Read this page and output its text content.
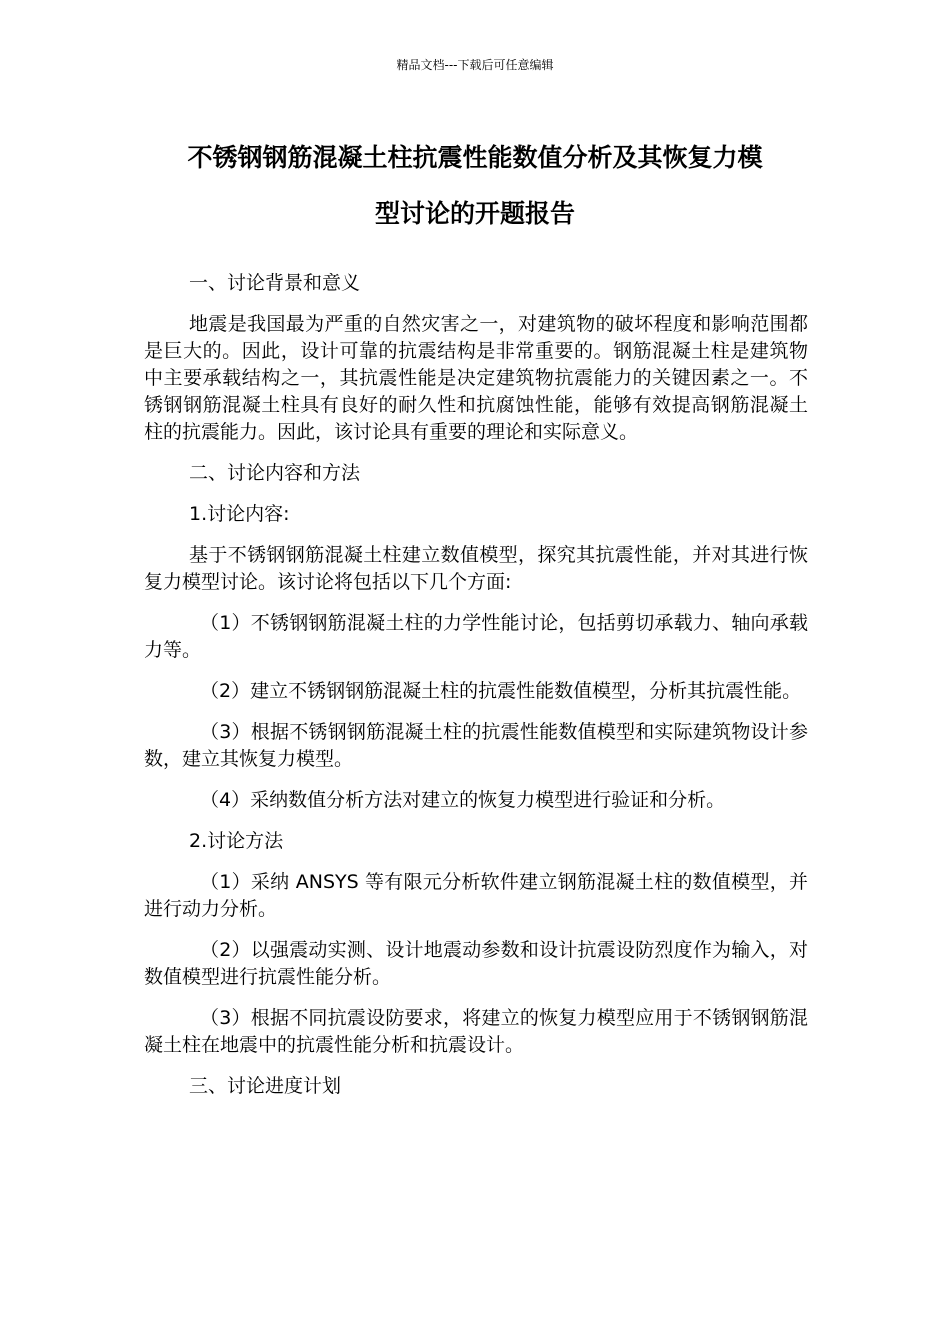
精品文档---下载后可任意编辑
不锈钢钢筋混凝土柱抗震性能数值分析及其恢复力模
型讨论的开题报告

一、讨论背景和意义

地震是我国最为严重的自然灾害之一，对建筑物的破坏程度和影响范围都是巨大的。因此，设计可靠的抗震结构是非常重要的。钢筋混凝土柱是建筑物中主要承载结构之一，其抗震性能是决定建筑物抗震能力的关键因素之一。不锈钢钢筋混凝土柱具有良好的耐久性和抗腐蚀性能，能够有效提高钢筋混凝土柱的抗震能力。因此，该讨论具有重要的理论和实际意义。

二、讨论内容和方法

1.讨论内容:

基于不锈钢钢筋混凝土柱建立数值模型，探究其抗震性能，并对其进行恢复力模型讨论。该讨论将包括以下几个方面:

（1）不锈钢钢筋混凝土柱的力学性能讨论，包括剪切承载力、轴向承载力等。

（2）建立不锈钢钢筋混凝土柱的抗震性能数值模型，分析其抗震性能。

（3）根据不锈钢钢筋混凝土柱的抗震性能数值模型和实际建筑物设计参数，建立其恢复力模型。

（4）采纳数值分析方法对建立的恢复力模型进行验证和分析。

2.讨论方法

（1）采纳 ANSYS 等有限元分析软件建立钢筋混凝土柱的数值模型，并进行动力分析。

（2）以强震动实测、设计地震动参数和设计抗震设防烈度作为输入，对数值模型进行抗震性能分析。

（3）根据不同抗震设防要求，将建立的恢复力模型应用于不锈钢钢筋混凝土柱在地震中的抗震性能分析和抗震设计。

三、讨论进度计划
